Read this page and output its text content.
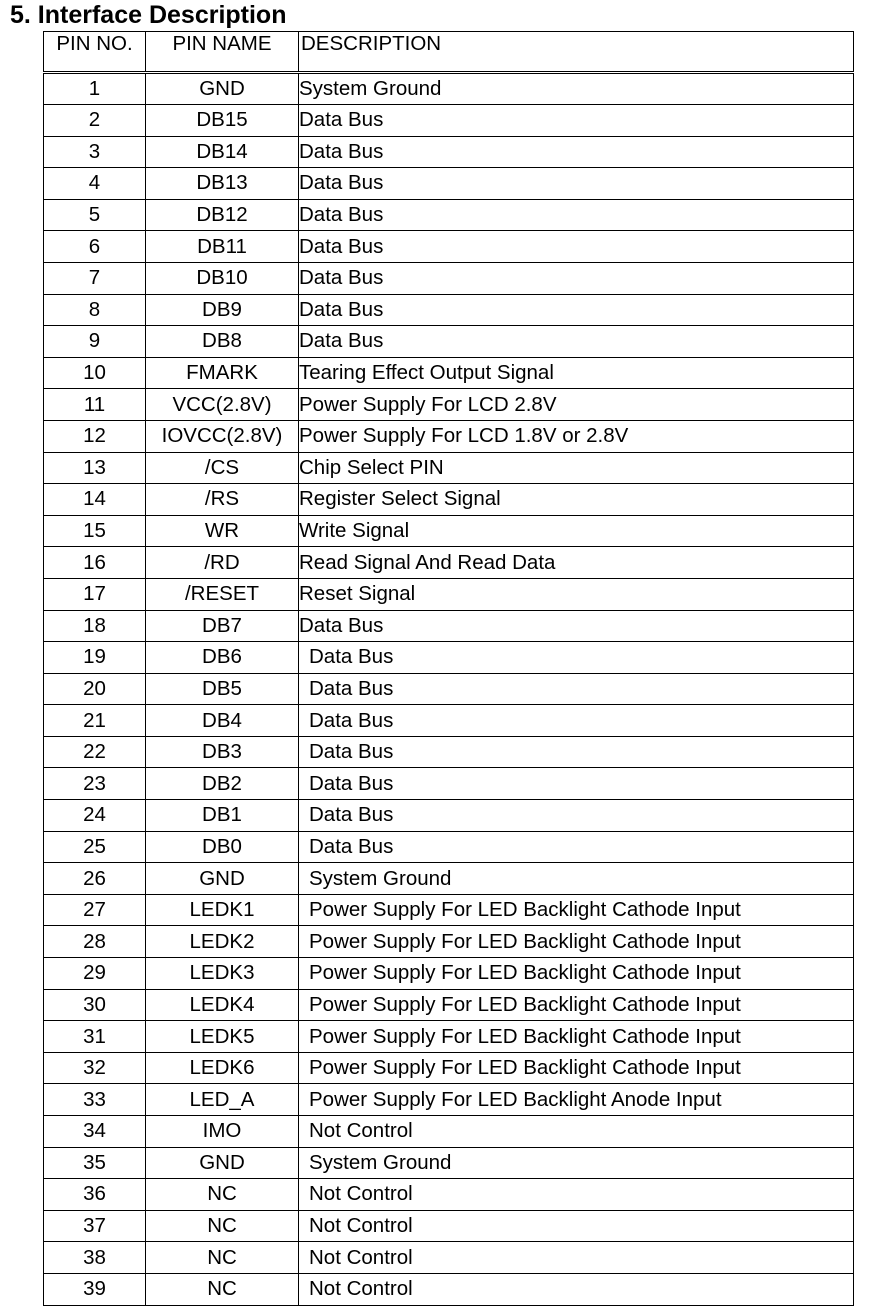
5. Interface Description
PIN NO.	PIN NAME	DESCRIPTION
1	GND	System Ground
2	DB15	Data Bus
3	DB14	Data Bus
4	DB13	Data Bus
5	DB12	Data Bus
6	DB11	Data Bus
7	DB10	Data Bus
8	DB9	Data Bus
9	DB8	Data Bus
10	FMARK	Tearing Effect Output Signal
11	VCC(2.8V)	Power Supply For LCD 2.8V
12	IOVCC(2.8V)	Power Supply For LCD 1.8V or 2.8V
13	/CS	Chip Select PIN
14	/RS	Register Select Signal
15	WR	Write Signal
16	/RD	Read Signal And Read Data
17	/RESET	Reset Signal
18	DB7	Data Bus
19	DB6	Data Bus
20	DB5	Data Bus
21	DB4	Data Bus
22	DB3	Data Bus
23	DB2	Data Bus
24	DB1	Data Bus
25	DB0	Data Bus
26	GND	System Ground
27	LEDK1	Power Supply For LED Backlight Cathode Input
28	LEDK2	Power Supply For LED Backlight Cathode Input
29	LEDK3	Power Supply For LED Backlight Cathode Input
30	LEDK4	Power Supply For LED Backlight Cathode Input
31	LEDK5	Power Supply For LED Backlight Cathode Input
32	LEDK6	Power Supply For LED Backlight Cathode Input
33	LED_A	Power Supply For LED Backlight Anode Input
34	IMO	Not Control
35	GND	System Ground
36	NC	Not Control
37	NC	Not Control
38	NC	Not Control
39	NC	Not Control
